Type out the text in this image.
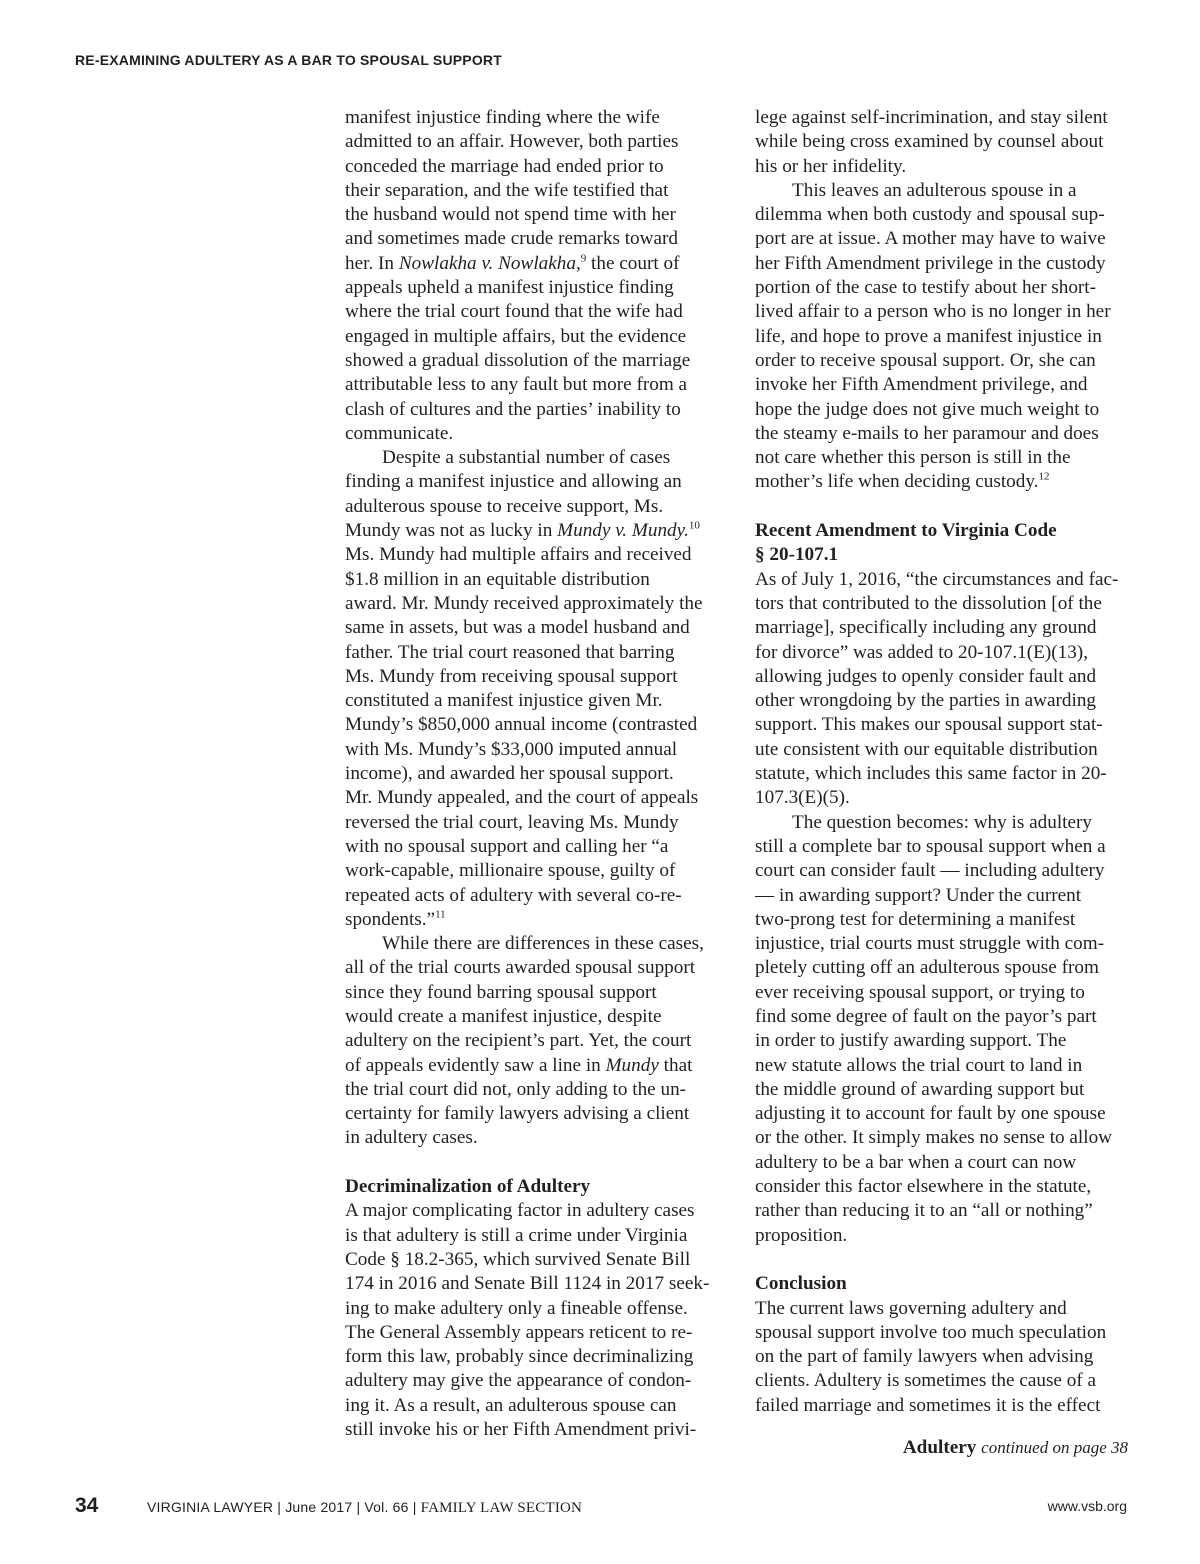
RE-EXAMINING ADULTERY AS A BAR TO SPOUSAL SUPPORT
manifest injustice finding where the wife
admitted to an affair. However, both parties
conceded the marriage had ended prior to
their separation, and the wife testified that
the husband would not spend time with her
and sometimes made crude remarks toward
her. In Nowlakha v. Nowlakha,$^9$ the court of
appeals upheld a manifest injustice finding
where the trial court found that the wife had
engaged in multiple affairs, but the evidence
showed a gradual dissolution of the marriage
attributable less to any fault but more from a
clash of cultures and the parties’ inability to
communicate.
Despite a substantial number of cases
finding a manifest injustice and allowing an
adulterous spouse to receive support, Ms.
Mundy was not as lucky in Mundy v. Mundy.$^{10}$
Ms. Mundy had multiple affairs and received
$1.8 million in an equitable distribution
award. Mr. Mundy received approximately the
same in assets, but was a model husband and
father. The trial court reasoned that barring
Ms. Mundy from receiving spousal support
constituted a manifest injustice given Mr.
Mundy’s $850,000 annual income (contrasted
with Ms. Mundy’s $33,000 imputed annual
income), and awarded her spousal support.
Mr. Mundy appealed, and the court of appeals
reversed the trial court, leaving Ms. Mundy
with no spousal support and calling her “a
work-capable, millionaire spouse, guilty of
repeated acts of adultery with several co-re-
spondents.”$^{11}$
While there are differences in these cases,
all of the trial courts awarded spousal support
since they found barring spousal support
would create a manifest injustice, despite
adultery on the recipient’s part. Yet, the court
of appeals evidently saw a line in Mundy that
the trial court did not, only adding to the un-
certainty for family lawyers advising a client
in adultery cases.
Decriminalization of Adultery
A major complicating factor in adultery cases
is that adultery is still a crime under Virginia
Code § 18.2-365, which survived Senate Bill
174 in 2016 and Senate Bill 1124 in 2017 seek-
ing to make adultery only a fineable offense.
The General Assembly appears reticent to re-
form this law, probably since decriminalizing
adultery may give the appearance of condon-
ing it. As a result, an adulterous spouse can
still invoke his or her Fifth Amendment privi-
lege against self-incrimination, and stay silent
while being cross examined by counsel about
his or her infidelity.
This leaves an adulterous spouse in a
dilemma when both custody and spousal sup-
port are at issue. A mother may have to waive
her Fifth Amendment privilege in the custody
portion of the case to testify about her short-
lived affair to a person who is no longer in her
life, and hope to prove a manifest injustice in
order to receive spousal support. Or, she can
invoke her Fifth Amendment privilege, and
hope the judge does not give much weight to
the steamy e-mails to her paramour and does
not care whether this person is still in the
mother’s life when deciding custody.$^{12}$
Recent Amendment to Virginia Code
§ 20-107.1
As of July 1, 2016, “the circumstances and fac-
tors that contributed to the dissolution [of the
marriage], specifically including any ground
for divorce” was added to 20-107.1(E)(13),
allowing judges to openly consider fault and
other wrongdoing by the parties in awarding
support. This makes our spousal support stat-
ute consistent with our equitable distribution
statute, which includes this same factor in 20-
107.3(E)(5).
The question becomes: why is adultery
still a complete bar to spousal support when a
court can consider fault — including adultery
— in awarding support? Under the current
two-prong test for determining a manifest
injustice, trial courts must struggle with com-
pletely cutting off an adulterous spouse from
ever receiving spousal support, or trying to
find some degree of fault on the payor’s part
in order to justify awarding support. The
new statute allows the trial court to land in
the middle ground of awarding support but
adjusting it to account for fault by one spouse
or the other. It simply makes no sense to allow
adultery to be a bar when a court can now
consider this factor elsewhere in the statute,
rather than reducing it to an “all or nothing”
proposition.
Conclusion
The current laws governing adultery and
spousal support involve too much speculation
on the part of family lawyers when advising
clients. Adultery is sometimes the cause of a
failed marriage and sometimes it is the effect
Adultery continued on page 38
34	VIRGINIA LAWYER | June 2017 | Vol. 66 | FAMILY LAW SECTION	www.vsb.org
